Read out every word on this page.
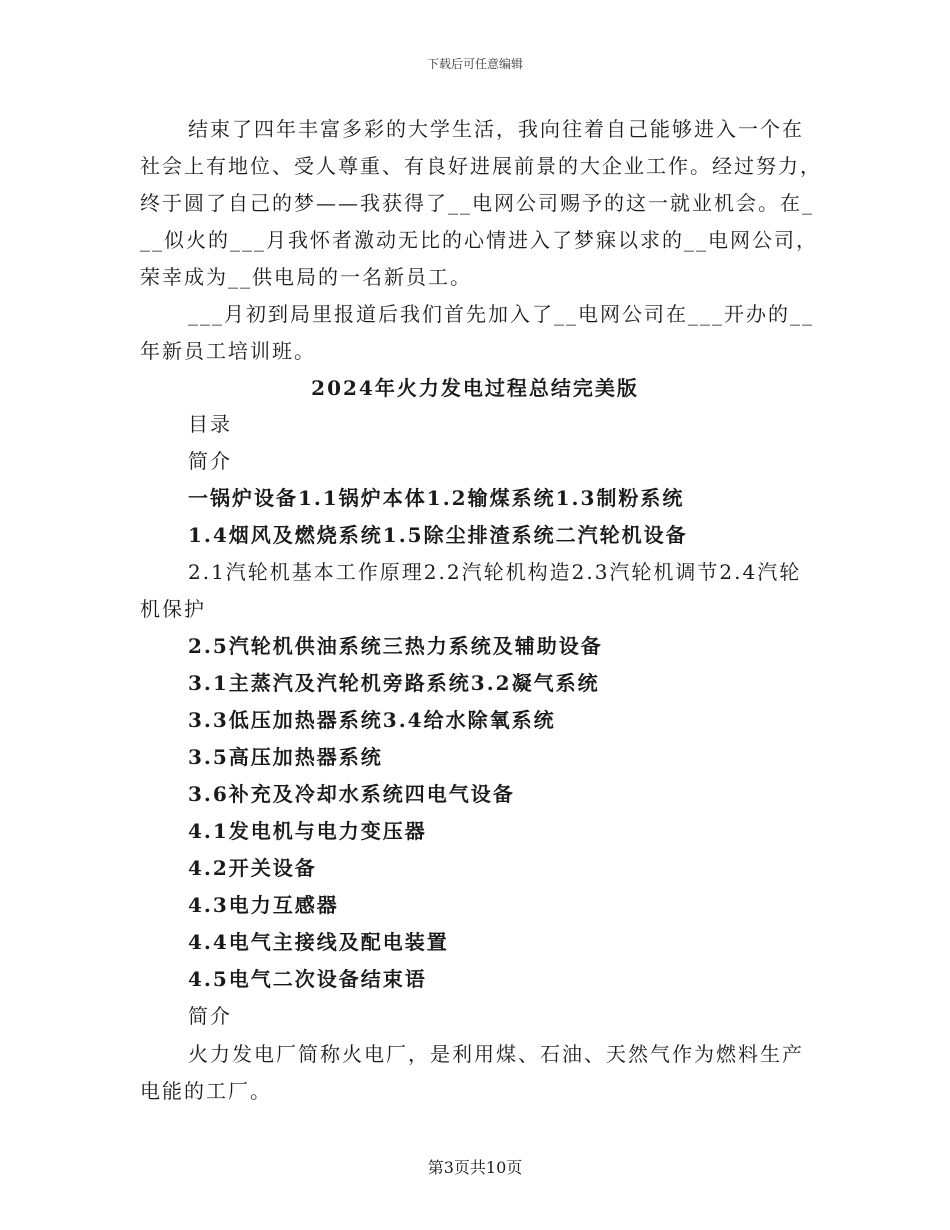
下载后可任意编辑
结束了四年丰富多彩的大学生活，我向往着自己能够进入一个在
社会上有地位、受人尊重、有良好进展前景的大企业工作。经过努力，
终于圆了自己的梦——我获得了__电网公司赐予的这一就业机会。在_
__似火的___月我怀者激动无比的心情进入了梦寐以求的__电网公司，
荣幸成为__供电局的一名新员工。
___月初到局里报道后我们首先加入了__电网公司在___开办的__
年新员工培训班。
2024年火力发电过程总结完美版
目录
简介
一锅炉设备1.1锅炉本体1.2输煤系统1.3制粉系统
1.4烟风及燃烧系统1.5除尘排渣系统二汽轮机设备
2.1汽轮机基本工作原理2.2汽轮机构造2.3汽轮机调节2.4汽轮
机保护
2.5汽轮机供油系统三热力系统及辅助设备
3.1主蒸汽及汽轮机旁路系统3.2凝气系统
3.3低压加热器系统3.4给水除氧系统
3.5高压加热器系统
3.6补充及冷却水系统四电气设备
4.1发电机与电力变压器
4.2开关设备
4.3电力互感器
4.4电气主接线及配电装置
4.5电气二次设备结束语
简介
火力发电厂简称火电厂，是利用煤、石油、天然气作为燃料生产
电能的工厂。
第3页共10页
